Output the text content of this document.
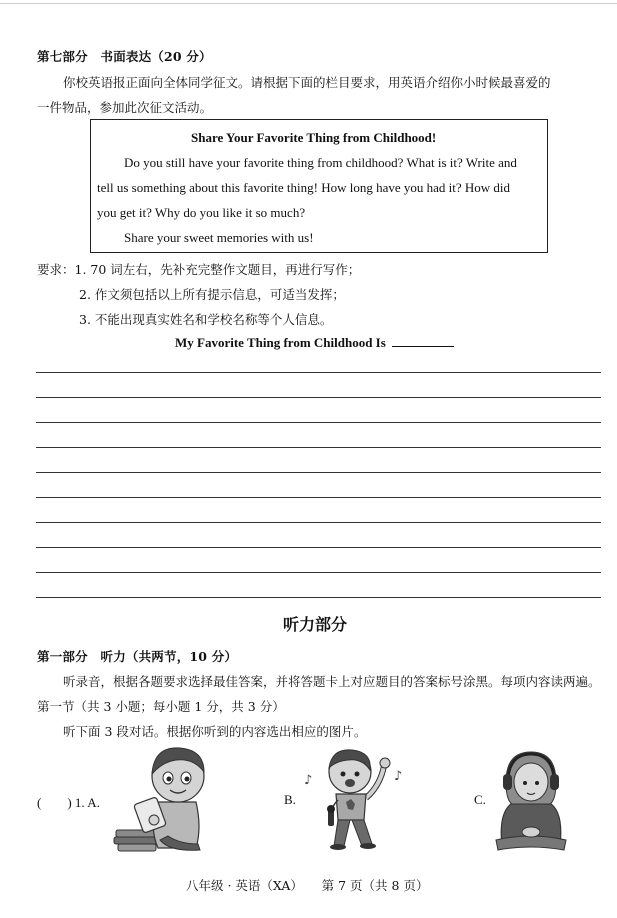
第七部分　书面表达（20 分）
你校英语报正面向全体同学征文。请根据下面的栏目要求，用英语介绍你小时候最喜爱的
一件物品，参加此次征文活动。
Share Your Favorite Thing from Childhood!
Do you still have your favorite thing from childhood? What is it? Write and
tell us something about this favorite thing! How long have you had it? How did
you get it? Why do you like it so much?
Share your sweet memories with us!
要求：1. 70 词左右，先补充完整作文题目，再进行写作；
2. 作文须包括以上所有提示信息，可适当发挥；
3. 不能出现真实姓名和学校名称等个人信息。
My Favorite Thing from Childhood Is
听力部分
第一部分　听力（共两节，10 分）
听录音，根据各题要求选择最佳答案，并将答题卡上对应题目的答案标号涂黑。每项内容读两遍。
第一节（共 3 小题；每小题 1 分，共 3 分）
听下面 3 段对话。根据你听到的内容选出相应的图片。
(　　) 1. A.	B.
♪	♪
C.
八年级 · 英语（XA）　　第 7 页（共 8 页）
